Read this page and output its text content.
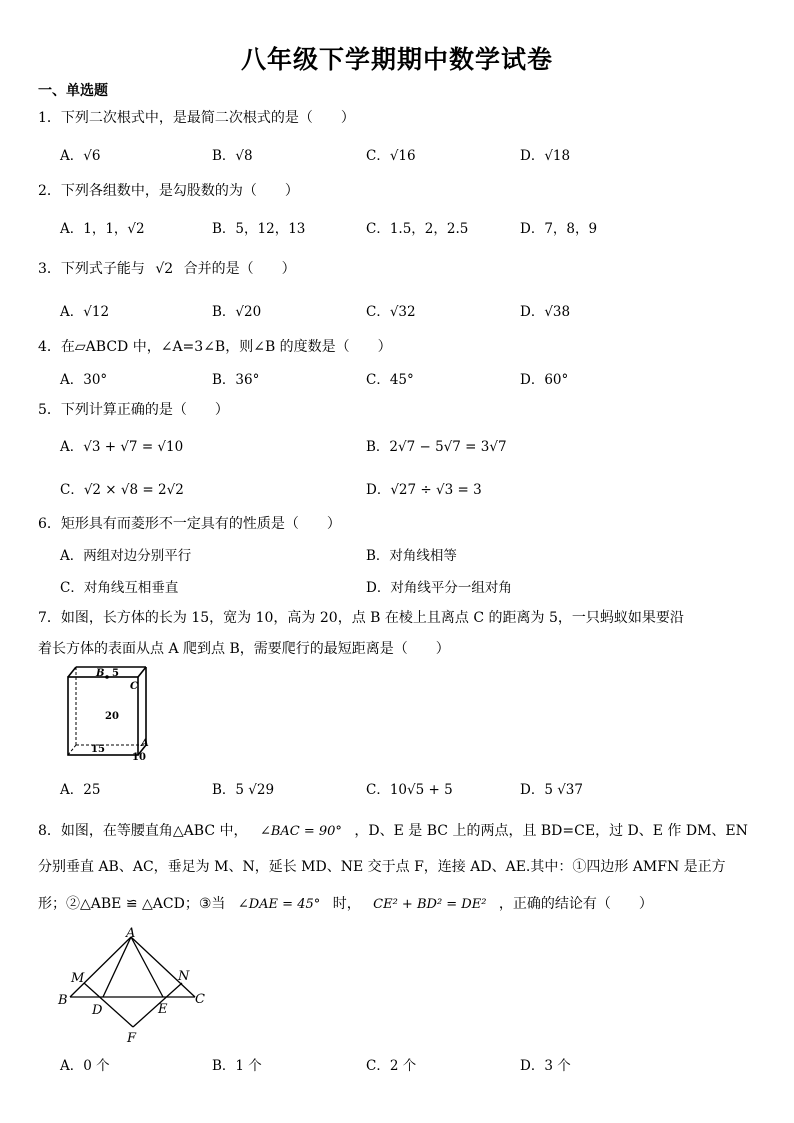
八年级下学期期中数学试卷
一、单选题
1．下列二次根式中，是最简二次根式的是（　　）
A．√6	B．√8	C．√16	D．√18
2．下列各组数中，是勾股数的为（　　）
A．1，1，√2	B．5，12，13	C．1.5，2，2.5	D．7，8，9
3．下列式子能与 √2 合并的是（　　）
A．√12	B．√20	C．√32	D．√38
4．在▱ABCD 中，∠A=3∠B，则∠B 的度数是（　　）
A．30°	B．36°	C．45°	D．60°
5．下列计算正确的是（　　）
A．√3 + √7 = √10	B．2√7 − 5√7 = 3√7
C．√2 × √8 = 2√2	D．√27 ÷ √3 = 3
6．矩形具有而菱形不一定具有的性质是（　　）
A．两组对边分别平行	B．对角线相等
C．对角线互相垂直	D．对角线平分一组对角
7．如图，长方体的长为 15，宽为 10，高为 20，点 B 在棱上且离点 C 的距离为 5，一只蚂蚁如果要沿
着长方体的表面从点 A 爬到点 B，需要爬行的最短距离是（　　）
B 5
C
20
15
A
10
A．25	B．5 √29	C．10√5 + 5	D．5 √37
8．如图，在等腰直角△ABC 中， ∠BAC = 90° ，D、E 是 BC 上的两点，且 BD=CE，过 D、E 作 DM、EN
分别垂直 AB、AC，垂足为 M、N，延长 MD、NE 交于点 F，连接 AD、AE.其中：①四边形 AMFN 是正方
形；②△ABE ≌ △ACD；③当 ∠DAE = 45° 时， CE² + BD² = DE² ，正确的结论有（　　）
A
M	N
B	C
D	E
F
A．0 个	B．1 个	C．2 个	D．3 个
